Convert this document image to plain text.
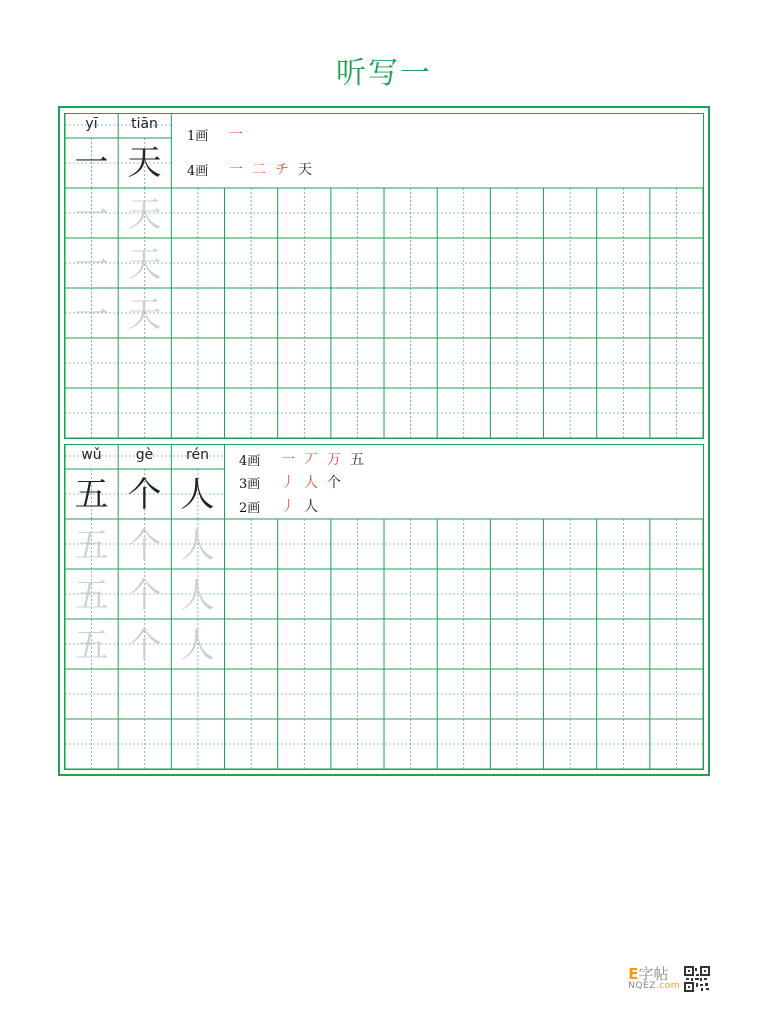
听写一
yī	tiān
一 天
一 天
一 天
一 天
1画	一
4画	一 二 チ 天
wǔ	gè	rén
五 个 人
五 个 人
五 个 人
五 个 人
4画	一 丆 万 五
3画	丿 人 个
2画	丿 人
E字帖
NQEZ.com
